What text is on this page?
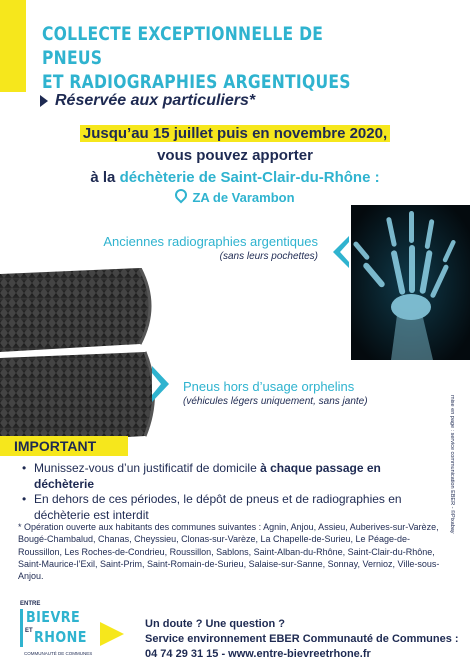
COLLECTE EXCEPTIONNELLE DE PNEUS
ET RADIOGRAPHIES ARGENTIQUES
Réservée aux particuliers*
Jusqu’au 15 juillet puis en novembre 2020,
vous pouvez apporter
à la déchèterie de Saint-Clair-du-Rhône :
ZA de Varambon
Anciennes radiographies argentiques
(sans leurs pochettes)
Pneus hors d’usage orphelins
(véhicules légers uniquement, sans jante)	mise en page : service communication EBER - ©Pixabay
IMPORTANT
• Munissez-vous d’un justificatif de domicile à chaque passage en déchèterie
• En dehors de ces périodes, le dépôt de pneus et de radiographies en déchèterie est interdit
* Opération ouverte aux habitants des communes suivantes : Agnin, Anjou, Assieu, Auberives-sur-Varèze, Bougé-Chambalud, Chanas, Cheyssieu, Clonas-sur-Varèze, La Chapelle-de-Surieu, Le Péage-de-Roussillon, Les Roches-de-Condrieu, Roussillon, Sablons, Saint-Alban-du-Rhône, Saint-Clair-du-Rhône, Saint-Maurice-l’Exil, Saint-Prim, Saint-Romain-de-Surieu, Salaise-sur-Sanne, Sonnay, Vernioz, Ville-sous-Anjou.
ENTRE
BIEVRE
ET RHONE
COMMUNAUTÉ DE COMMUNES
Un doute ? Une question ?
Service environnement EBER Communauté de Communes :
04 74 29 31 15 - www.entre-bievreetrhone.fr
